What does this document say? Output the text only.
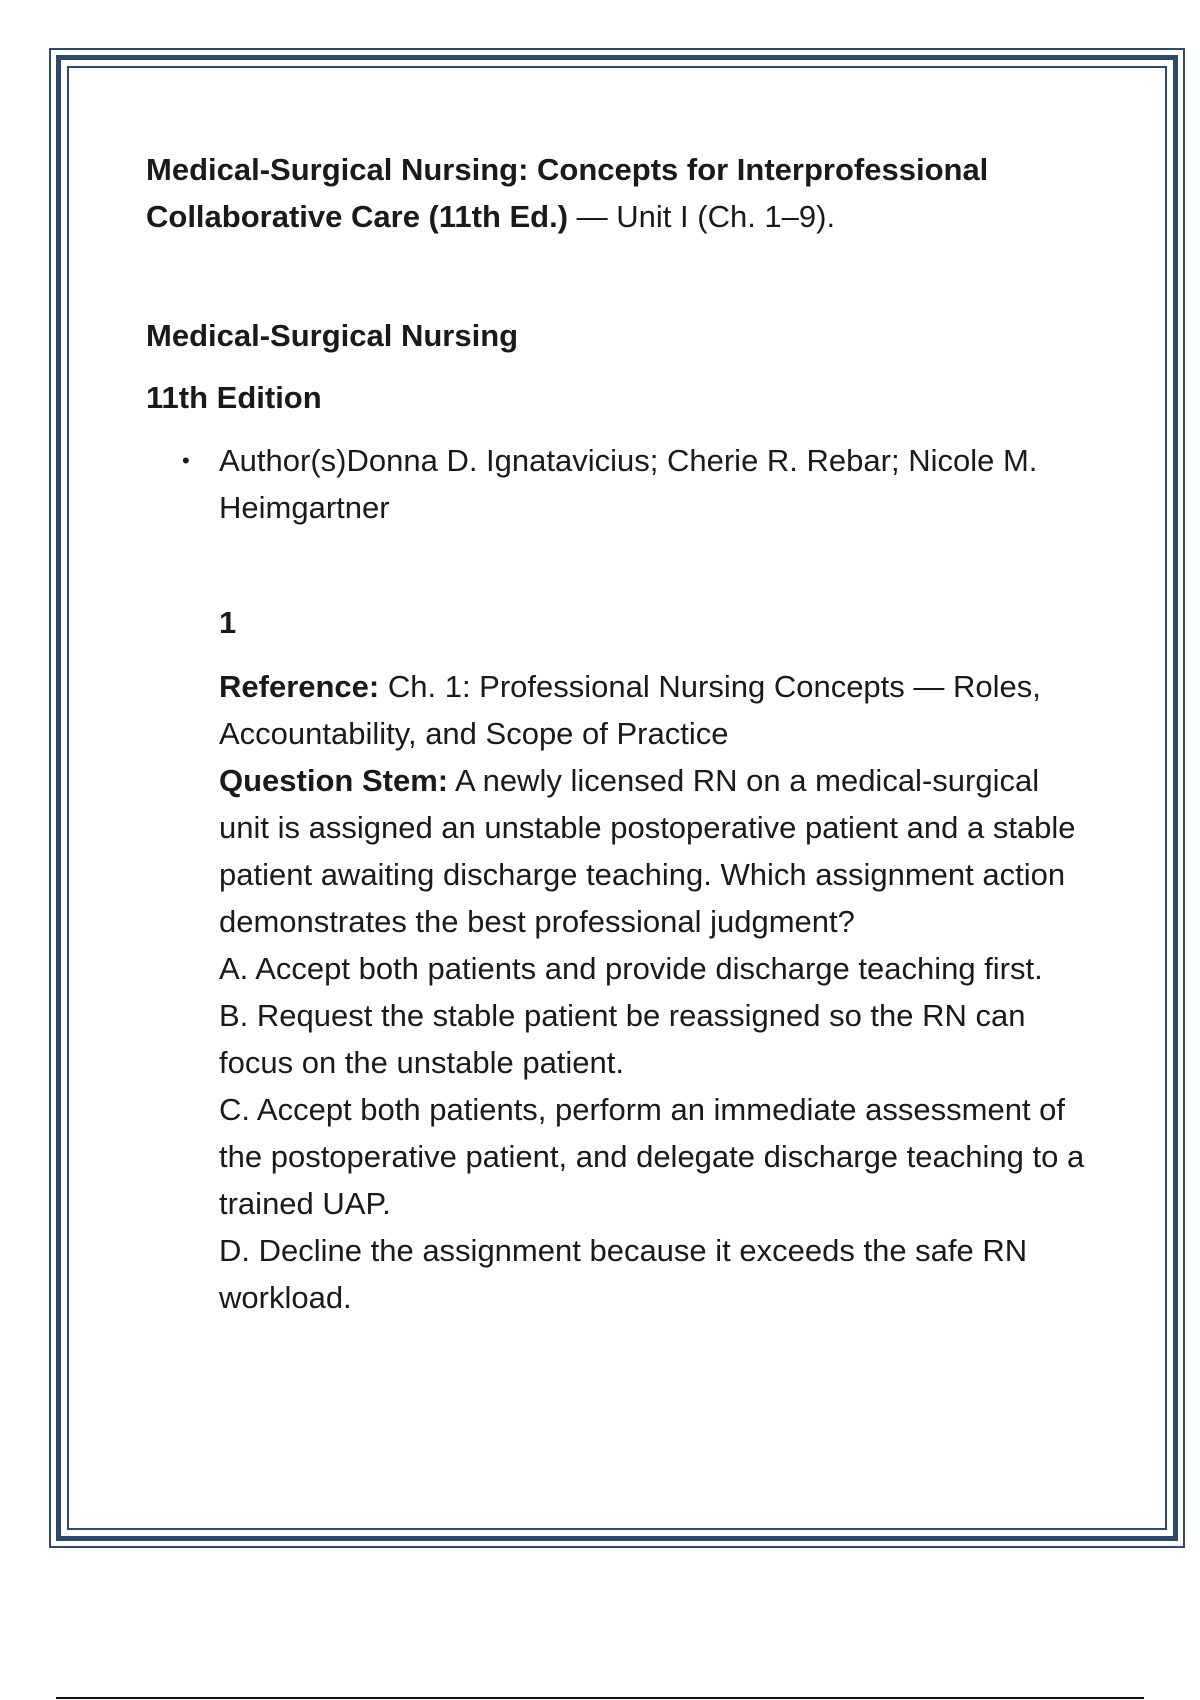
Medical-Surgical Nursing: Concepts for Interprofessional Collaborative Care (11th Ed.) — Unit I (Ch. 1–9).

Medical-Surgical Nursing

11th Edition

• Author(s)Donna D. Ignatavicius; Cherie R. Rebar; Nicole M. Heimgartner

1

Reference: Ch. 1: Professional Nursing Concepts — Roles, Accountability, and Scope of Practice

Question Stem: A newly licensed RN on a medical-surgical unit is assigned an unstable postoperative patient and a stable patient awaiting discharge teaching. Which assignment action demonstrates the best professional judgment?

A. Accept both patients and provide discharge teaching first.

B. Request the stable patient be reassigned so the RN can focus on the unstable patient.

C. Accept both patients, perform an immediate assessment of the postoperative patient, and delegate discharge teaching to a trained UAP.

D. Decline the assignment because it exceeds the safe RN workload.
